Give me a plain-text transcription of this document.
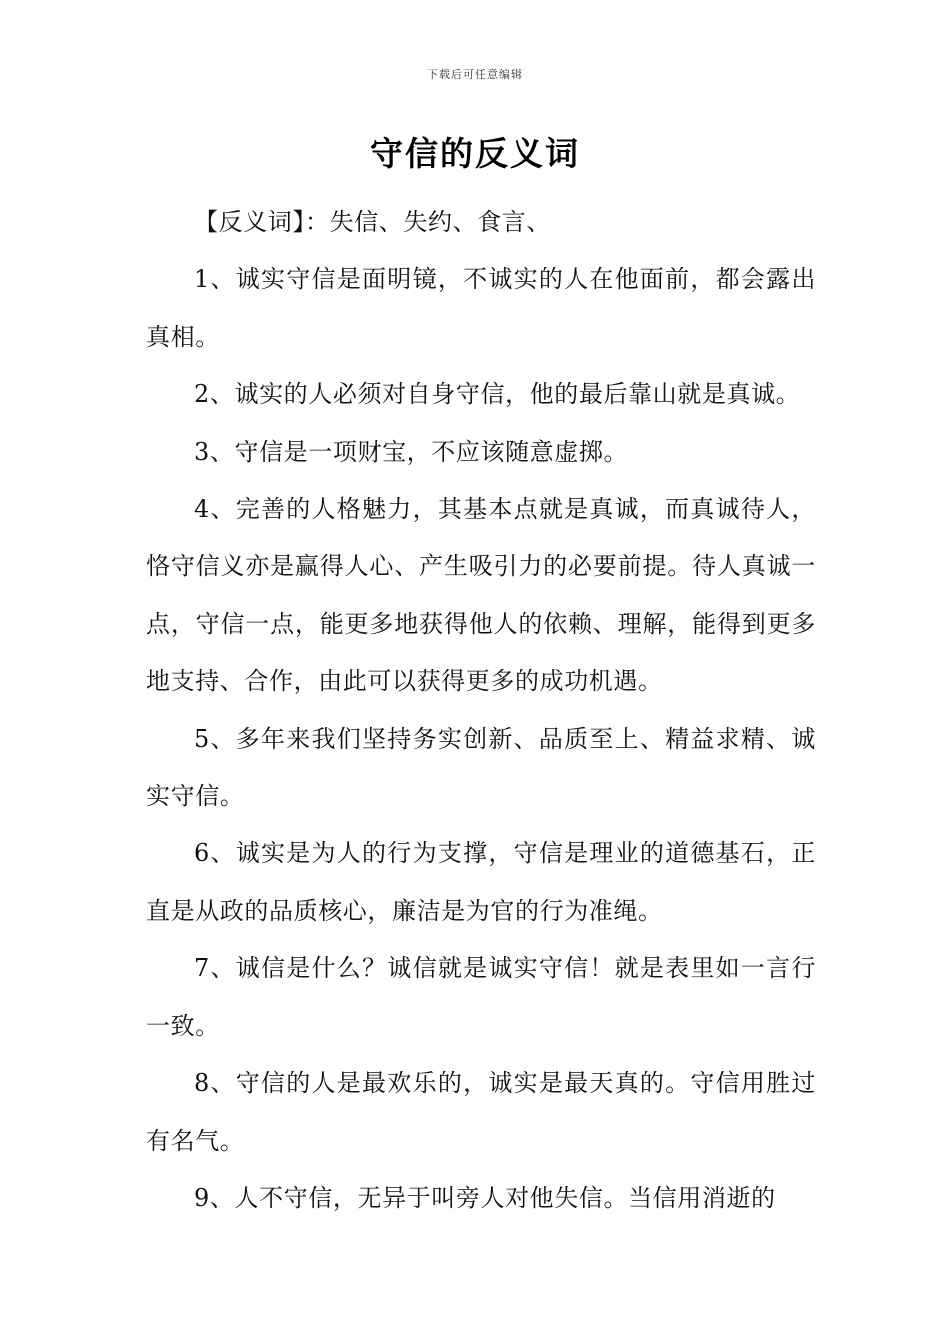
下载后可任意编辑
守信的反义词

【反义词】：失信、失约、食言、

1、诚实守信是面明镜，不诚实的人在他面前，都会露出真相。

2、诚实的人必须对自身守信，他的最后靠山就是真诚。

3、守信是一项财宝，不应该随意虚掷。

4、完善的人格魅力，其基本点就是真诚，而真诚待人，恪守信义亦是赢得人心、产生吸引力的必要前提。待人真诚一点，守信一点，能更多地获得他人的依赖、理解，能得到更多地支持、合作，由此可以获得更多的成功机遇。

5、多年来我们坚持务实创新、品质至上、精益求精、诚实守信。

6、诚实是为人的行为支撑，守信是理业的道德基石，正直是从政的品质核心，廉洁是为官的行为准绳。

7、诚信是什么？诚信就是诚实守信！就是表里如一言行一致。

8、守信的人是最欢乐的，诚实是最天真的。守信用胜过有名气。

9、人不守信，无异于叫旁人对他失信。当信用消逝的
